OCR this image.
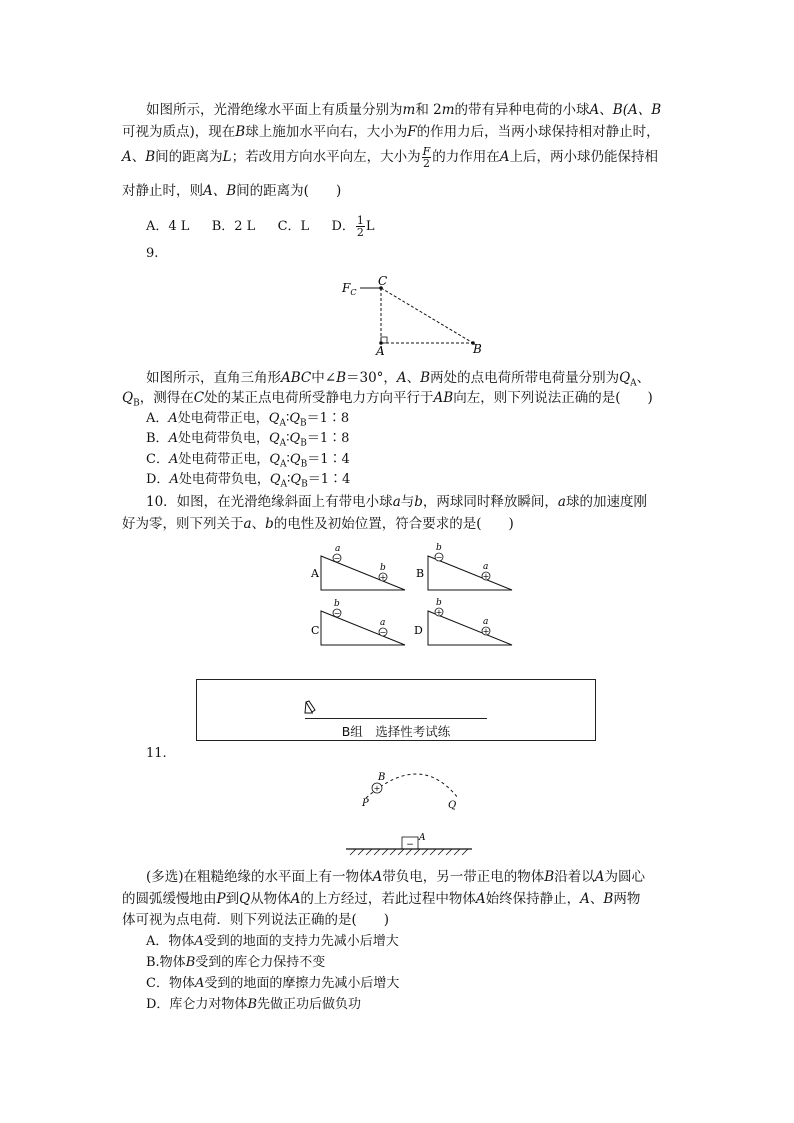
如图所示，光滑绝缘水平面上有质量分别为m和 2m的带有异种电荷的小球A、B(A、B
可视为质点)，现在B球上施加水平向右，大小为F的作用力后，当两小球保持相对静止时，
A、B间的距离为L；若改用方向水平向左，大小为 $\frac{F}{2}$ 的力作用在A上后，两小球仍能保持相
对静止时，则A、B间的距离为(　　)
A．4 L B．2 L C．L D． $\frac{1}{2}$ L
9.
$F_C$
C
A	B
如图所示，直角三角形ABC中∠B＝30°，A、B两处的点电荷所带电荷量分别为$Q_A$、
$Q_B$，测得在C处的某正点电荷所受静电力方向平行于AB向左，则下列说法正确的是(　　)
A．A处电荷带正电，$Q_A∶Q_B=1∶8$
B．A处电荷带负电，$Q_A∶Q_B=1∶8$
C．A处电荷带正电，$Q_A∶Q_B=1∶4$
D．A处电荷带负电，$Q_A∶Q_B=1∶4$
10．如图，在光滑绝缘斜面上有带电小球a与b，两球同时释放瞬间，a球的加速度刚
好为零，则下列关于a、b的电性及初始位置，符合要求的是(　　)
A
−
a
+
b	B
−
b
+
a
C
−
b
−
a
D
+
b
+
a
B组　选择性考试练
11.
+
B
P	Q
−
A
(多选)在粗糙绝缘的水平面上有一物体A带负电，另一带正电的物体B沿着以A为圆心
的圆弧缓慢地由P到Q从物体A的上方经过，若此过程中物体A始终保持静止，A、B两物
体可视为点电荷．则下列说法正确的是(　　)
A．物体A受到的地面的支持力先减小后增大
B.物体B受到的库仑力保持不变
C．物体A受到的地面的摩擦力先减小后增大
D．库仑力对物体B先做正功后做负功
